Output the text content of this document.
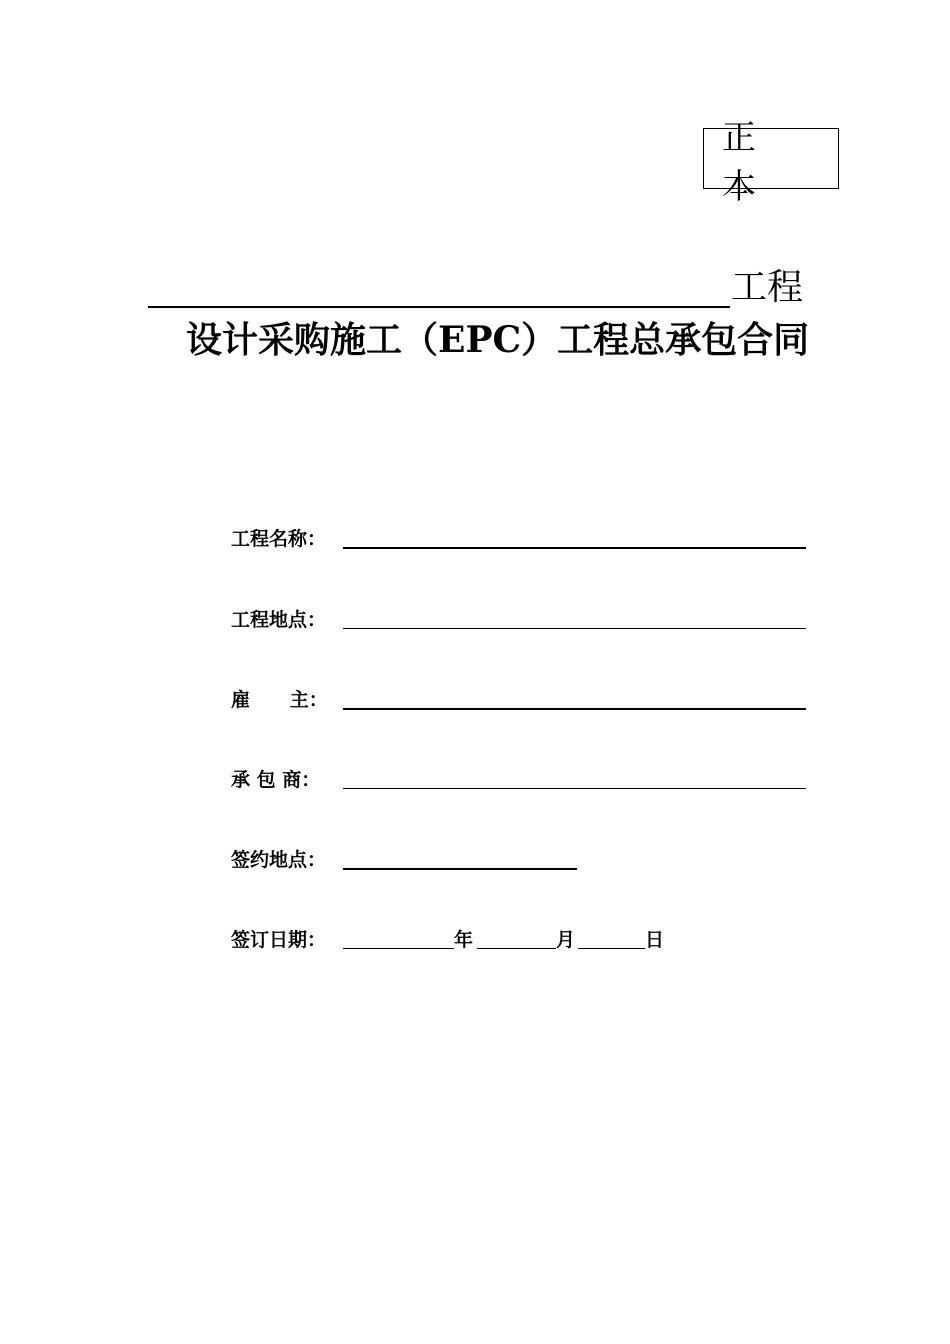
正 本
工程
设计采购施工（EPC）工程总承包合同
工程名称：
工程地点：
雇      主：
承 包 商：
签约地点：
签订日期：	年	月	日
